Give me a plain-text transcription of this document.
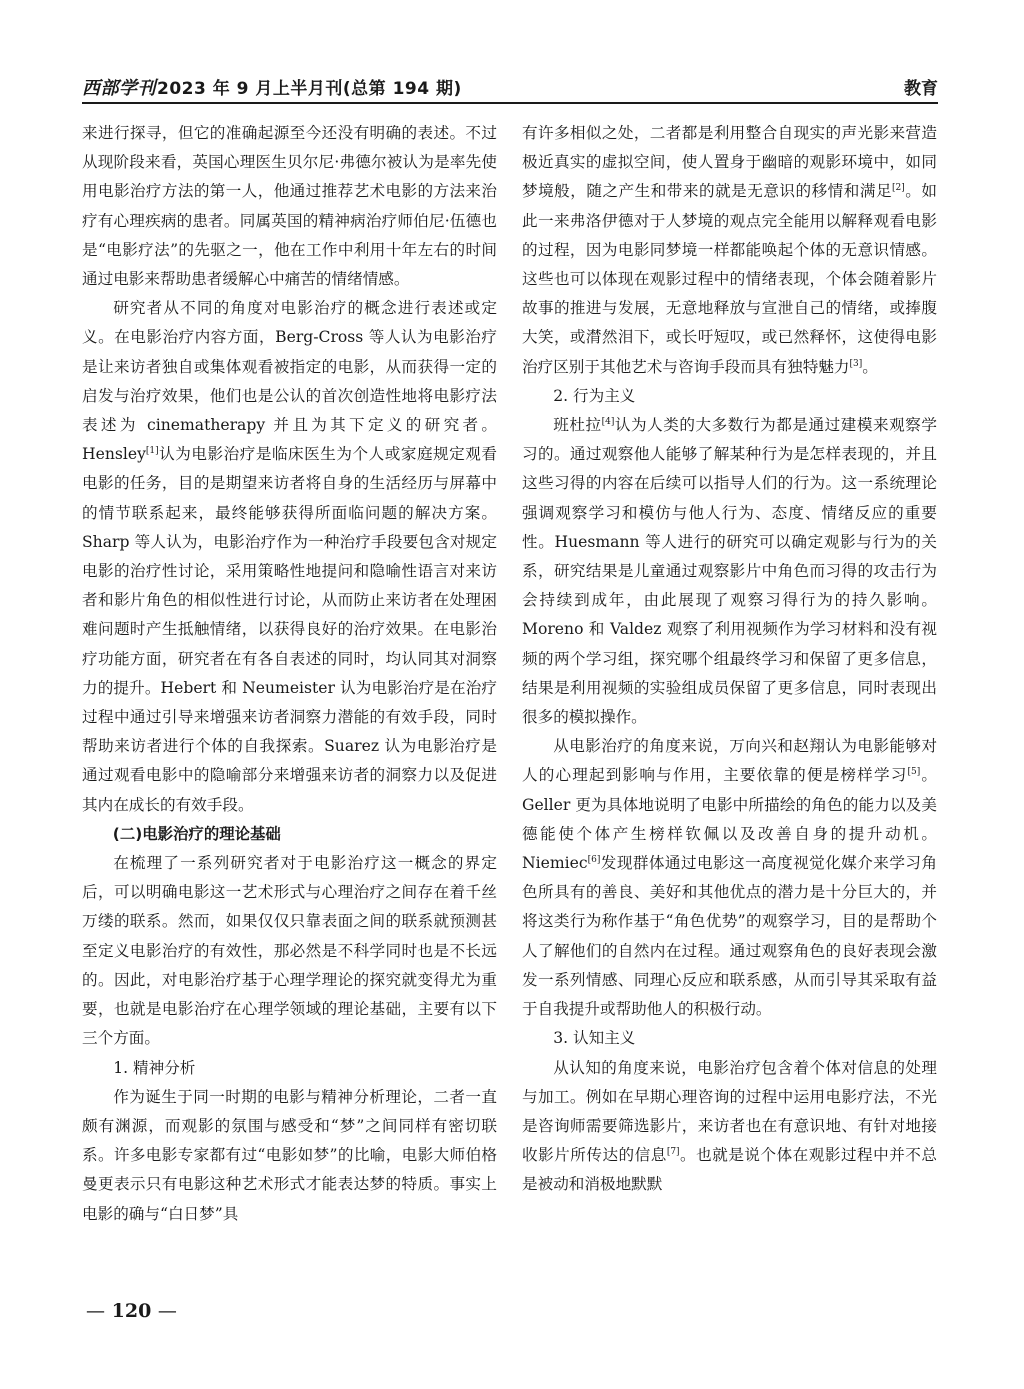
西部学刊2023 年 9 月上半月刊(总第 194 期)	教育

来进行探寻，但它的准确起源至今还没有明确的表述。不过从现阶段来看，英国心理医生贝尔尼·弗德尔被认为是率先使用电影治疗方法的第一人，他通过推荐艺术电影的方法来治疗有心理疾病的患者。同属英国的精神病治疗师伯尼·伍德也是“电影疗法”的先驱之一，他在工作中利用十年左右的时间通过电影来帮助患者缓解心中痛苦的情绪情感。

研究者从不同的角度对电影治疗的概念进行表述或定义。在电影治疗内容方面，Berg-Cross 等人认为电影治疗是让来访者独自或集体观看被指定的电影，从而获得一定的启发与治疗效果，他们也是公认的首次创造性地将电影疗法表述为 cinematherapy 并且为其下定义的研究者。Hensley[1]认为电影治疗是临床医生为个人或家庭规定观看电影的任务，目的是期望来访者将自身的生活经历与屏幕中的情节联系起来，最终能够获得所面临问题的解决方案。Sharp 等人认为，电影治疗作为一种治疗手段要包含对规定电影的治疗性讨论，采用策略性地提问和隐喻性语言对来访者和影片角色的相似性进行讨论，从而防止来访者在处理困难问题时产生抵触情绪，以获得良好的治疗效果。在电影治疗功能方面，研究者在有各自表述的同时，均认同其对洞察力的提升。Hebert 和 Neumeister 认为电影治疗是在治疗过程中通过引导来增强来访者洞察力潜能的有效手段，同时帮助来访者进行个体的自我探索。Suarez 认为电影治疗是通过观看电影中的隐喻部分来增强来访者的洞察力以及促进其内在成长的有效手段。

(二)电影治疗的理论基础

在梳理了一系列研究者对于电影治疗这一概念的界定后，可以明确电影这一艺术形式与心理治疗之间存在着千丝万缕的联系。然而，如果仅仅只靠表面之间的联系就预测甚至定义电影治疗的有效性，那必然是不科学同时也是不长远的。因此，对电影治疗基于心理学理论的探究就变得尤为重要，也就是电影治疗在心理学领域的理论基础，主要有以下三个方面。

1. 精神分析

作为诞生于同一时期的电影与精神分析理论，二者一直颇有渊源，而观影的氛围与感受和“梦”之间同样有密切联系。许多电影专家都有过“电影如梦”的比喻，电影大师伯格曼更表示只有电影这种艺术形式才能表达梦的特质。事实上电影的确与“白日梦”具

有许多相似之处，二者都是利用整合自现实的声光影来营造极近真实的虚拟空间，使人置身于幽暗的观影环境中，如同梦境般，随之产生和带来的就是无意识的移情和满足[2]。如此一来弗洛伊德对于人梦境的观点完全能用以解释观看电影的过程，因为电影同梦境一样都能唤起个体的无意识情感。这些也可以体现在观影过程中的情绪表现，个体会随着影片故事的推进与发展，无意地释放与宣泄自己的情绪，或捧腹大笑，或潸然泪下，或长吁短叹，或已然释怀，这使得电影治疗区别于其他艺术与咨询手段而具有独特魅力[3]。

2. 行为主义

班杜拉[4]认为人类的大多数行为都是通过建模来观察学习的。通过观察他人能够了解某种行为是怎样表现的，并且这些习得的内容在后续可以指导人们的行为。这一系统理论强调观察学习和模仿与他人行为、态度、情绪反应的重要性。Huesmann 等人进行的研究可以确定观影与行为的关系，研究结果是儿童通过观察影片中角色而习得的攻击行为会持续到成年，由此展现了观察习得行为的持久影响。Moreno 和 Valdez 观察了利用视频作为学习材料和没有视频的两个学习组，探究哪个组最终学习和保留了更多信息，结果是利用视频的实验组成员保留了更多信息，同时表现出很多的模拟操作。

从电影治疗的角度来说，万向兴和赵翔认为电影能够对人的心理起到影响与作用，主要依靠的便是榜样学习[5]。Geller 更为具体地说明了电影中所描绘的角色的能力以及美德能使个体产生榜样钦佩以及改善自身的提升动机。Niemiec[6]发现群体通过电影这一高度视觉化媒介来学习角色所具有的善良、美好和其他优点的潜力是十分巨大的，并将这类行为称作基于“角色优势”的观察学习，目的是帮助个人了解他们的自然内在过程。通过观察角色的良好表现会激发一系列情感、同理心反应和联系感，从而引导其采取有益于自我提升或帮助他人的积极行动。

3. 认知主义

从认知的角度来说，电影治疗包含着个体对信息的处理与加工。例如在早期心理咨询的过程中运用电影疗法，不光是咨询师需要筛选影片，来访者也在有意识地、有针对地接收影片所传达的信息[7]。也就是说个体在观影过程中并不总是被动和消极地默默

— 120 —
